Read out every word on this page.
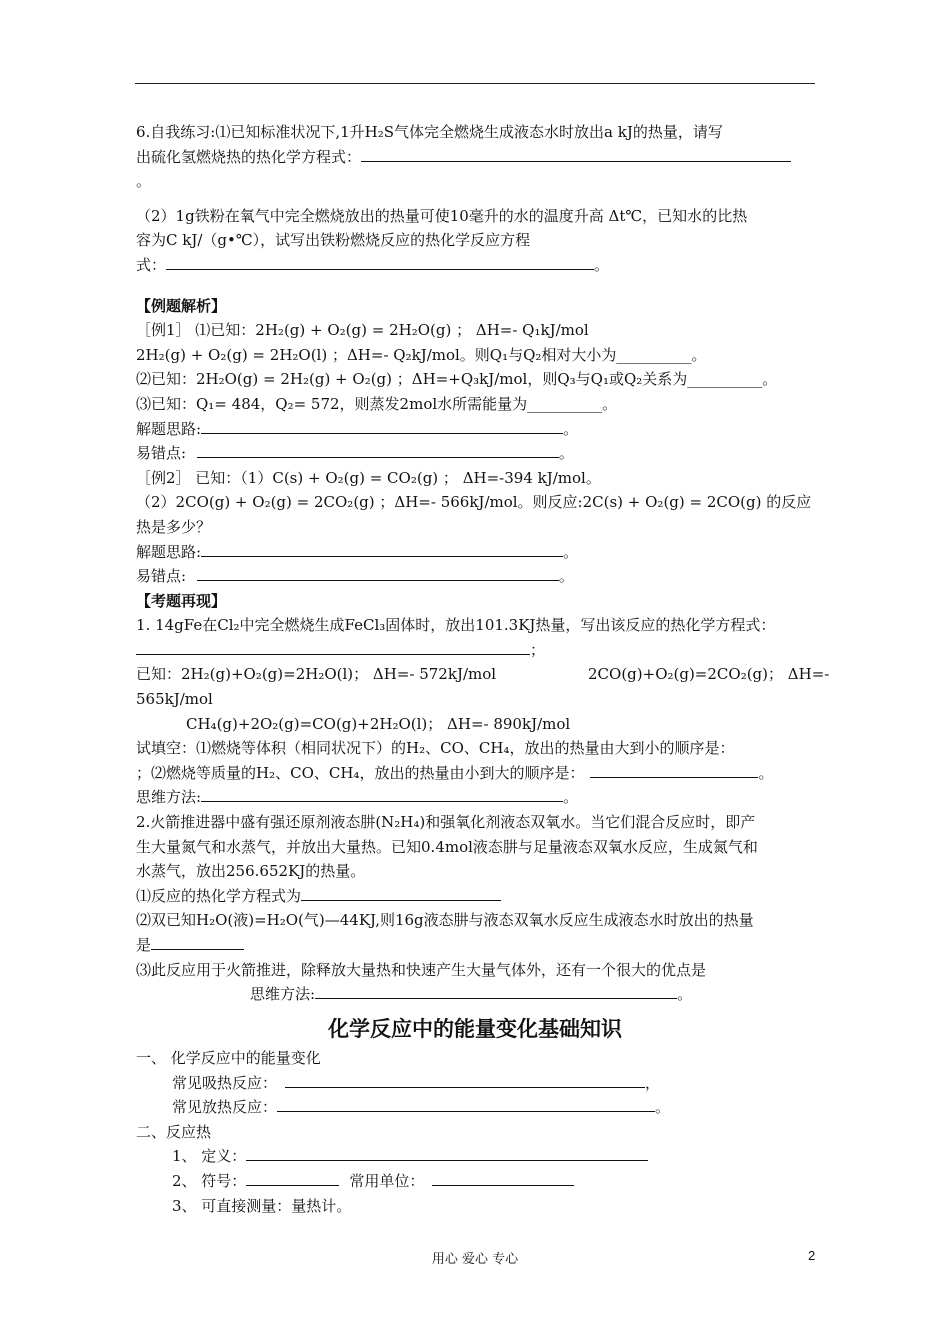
6.自我练习:⑴已知标准状况下,1升H₂S气体完全燃烧生成液态水时放出a kJ的热量，请写
出硫化氢燃烧热的热化学方程式：
。
（2）1g铁粉在氧气中完全燃烧放出的热量可使10毫升的水的温度升高 Δt℃，已知水的比热
容为C kJ/（g•℃），试写出铁粉燃烧反应的热化学反应方程
式：	。
【例题解析】
［例1］ ⑴已知：2H₂(g) + O₂(g) = 2H₂O(g) ； ΔH=- Q₁kJ/mol
2H₂(g) + O₂(g) = 2H₂O(l) ；ΔH=- Q₂kJ/mol。则Q₁与Q₂相对大小为__________。
⑵已知：2H₂O(g) = 2H₂(g) + O₂(g) ；ΔH=+Q₃kJ/mol，则Q₃与Q₁或Q₂关系为__________。
⑶已知：Q₁= 484，Q₂= 572，则蒸发2mol水所需能量为__________。
解题思路:	。
易错点:	。
［例2］ 已知：（1）C(s) + O₂(g) = CO₂(g) ； ΔH=-394 kJ/mol。
（2）2CO(g) + O₂(g) = 2CO₂(g) ；ΔH=- 566kJ/mol。则反应:2C(s) + O₂(g) = 2CO(g) 的反应
热是多少？
解题思路:	。
易错点:	。
【考题再现】
1. 14gFe在Cl₂中完全燃烧生成FeCl₃固体时，放出101.3KJ热量，写出该反应的热化学方程式：
；
已知：2H₂(g)+O₂(g)=2H₂O(l)； ΔH=- 572kJ/mol	2CO(g)+O₂(g)=2CO₂(g)； ΔH=-
565kJ/mol
CH₄(g)+2O₂(g)=CO(g)+2H₂O(l)； ΔH=- 890kJ/mol
试填空：⑴燃烧等体积（相同状况下）的H₂、CO、CH₄，放出的热量由大到小的顺序是：
；⑵燃烧等质量的H₂、CO、CH₄，放出的热量由小到大的顺序是：	。
思维方法:	。
2.火箭推进器中盛有强还原剂液态肼(N₂H₄)和强氧化剂液态双氧水。当它们混合反应时，即产
生大量氮气和水蒸气，并放出大量热。已知0.4mol液态肼与足量液态双氧水反应，生成氮气和
水蒸气，放出256.652KJ的热量。
⑴反应的热化学方程式为
⑵双已知H₂O(液)=H₂O(气)—44KJ,则16g液态肼与液态双氧水反应生成液态水时放出的热量
是
⑶此反应用于火箭推进，除释放大量热和快速产生大量气体外，还有一个很大的优点是
思维方法:	。
化学反应中的能量变化基础知识
一、 化学反应中的能量变化
常见吸热反应：	，
常见放热反应：	。
二、反应热
1、 定义：
2、 符号：	常用单位：
3、 可直接测量：量热计。
用心 爱心 专心	2
